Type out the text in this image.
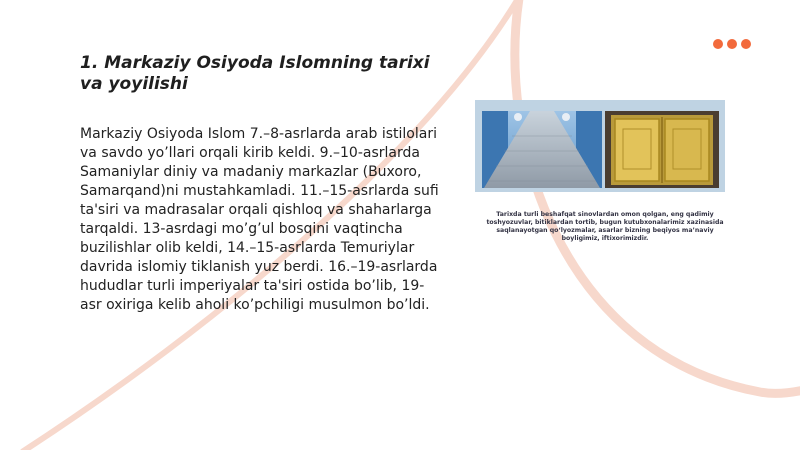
1. Markaziy Osiyoda Islomning tarixi va yoyilishi

Markaziy Osiyoda Islom 7.–8-asrlarda arab istilolari va savdo yo’llari orqali kirib keldi. 9.–10-asrlarda Samaniylar diniy va madaniy markazlar (Buxoro, Samarqand)ni mustahkamladi. 11.–15-asrlarda sufi ta'siri va madrasalar orqali qishloq va shaharlarga tarqaldi. 13-asrdagi mo’g’ul bosqini vaqtincha buzilishlar olib keldi, 14.–15-asrlarda Temuriylar davrida islomiy tiklanish yuz berdi. 16.–19-asrlarda hududlar turli imperiyalar ta'siri ostida bo’lib, 19-asr oxiriga kelib aholi ko’pchiligi musulmon bo’ldi.

Tarixda turli beshafqat sinovlardan omon qolgan, eng qadimiy toshyozuvlar, bitiklardan tortib, bugun kutubxonalarimiz xazinasida saqlanayotgan qo‘lyozmalar, asarlar bizning beqiyos ma’naviy boyligimiz, iftixorimizdir.
